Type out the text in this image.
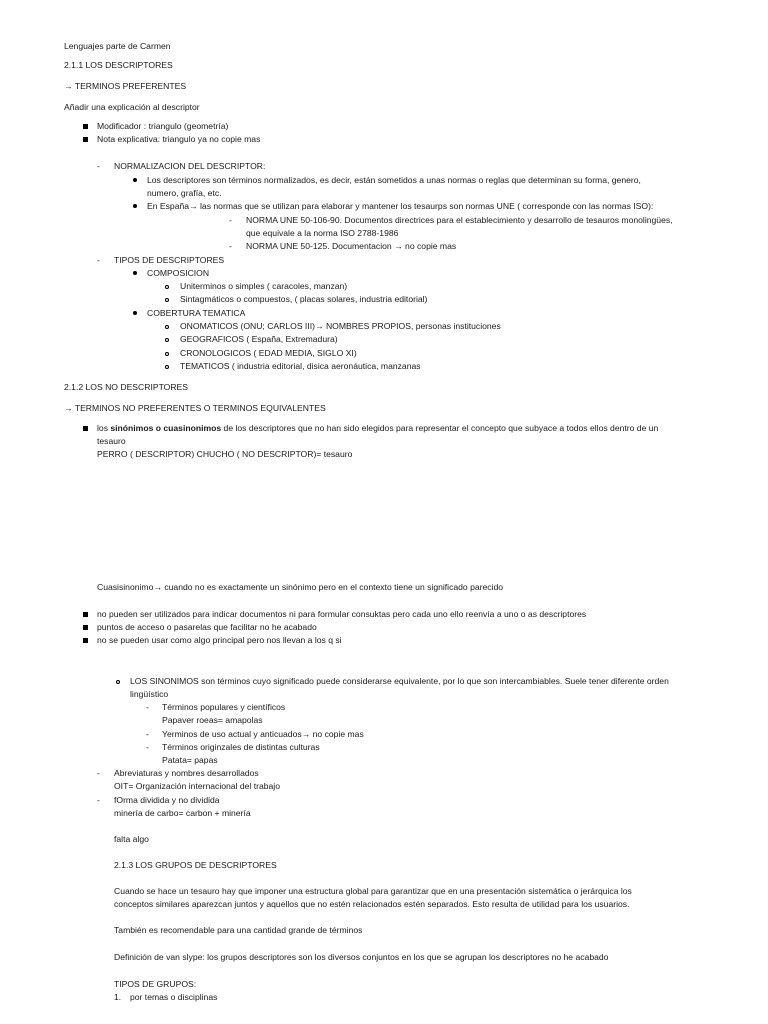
Lenguajes parte de Carmen
2.1.1 LOS DESCRIPTORES
→ TERMINOS PREFERENTES
Añadir una explicación al descriptor
Modificador : triangulo (geometría)
Nota explicativa: triangulo ya no copie mas
- NORMALIZACION DEL DESCRIPTOR:
Los descriptores son términos normalizados, es decir, están sometidos a unas normas o reglas que determinan su forma, genero,
numero, grafía, etc.
En España→ las normas que se utilizan para elaborar y mantener los tesaurps son normas UNE ( corresponde con las normas ISO):
- NORMA UNE 50-106-90. Documentos directrices para el establecimiento y desarrollo de tesauros monolingües,
que equivale a la norma ISO 2788-1986
- NORMA UNE 50-125. Documentacion → no copie mas
- TIPOS DE DESCRIPTORES
COMPOSICION
Uniterminos o simples ( caracoles, manzan)
Sintagmáticos o compuestos, ( placas solares, industria editorial)
COBERTURA TEMATICA
ONOMATICOS (ONU; CARLOS III)→ NOMBRES PROPIOS, personas instituciones
GEOGRAFICOS ( España, Extremadura)
CRONOLOGICOS ( EDAD MEDIA, SIGLO XI)
TEMATICOS ( industria editorial, disica aeronáutica, manzanas
2.1.2 LOS NO DESCRIPTORES
→ TERMINOS NO PREFERENTES O TERMINOS EQUIVALENTES
los sinónimos o cuasinonimos de los descriptores que no han sido elegidos para representar el concepto que subyace a todos ellos dentro de un
tesauro
PERRO ( DESCRIPTOR) CHUCHO ( NO DESCRIPTOR)= tesauro
Cuasisinonimo→ cuando no es exactamente un sinónimo pero en el contexto tiene un significado parecido
no pueden ser utilizados para indicar documentos ni para formular consuktas pero cada uno ello reenvía a uno o as descriptores
puntos de acceso o pasarelas que facilitar no he acabado
no se pueden usar como algo principal pero nos llevan a los q si
LOS SINONIMOS son términos cuyo significado puede considerarse equivalente, por lo que son intercambiables. Suele tener diferente orden
lingüístico
- Términos populares y científicos
Papaver roeas= amapolas
- Yerminos de uso actual y anticuados→ no copie mas
- Términos originzales de distintas culturas
Patata= papas
- Abreviaturas y nombres desarrollados
OIT= Organización internacional del trabajo
- fOrma dividida y no dividida
minería de carbo= carbon + minería
falta algo
2.1.3 LOS GRUPOS DE DESCRIPTORES
Cuando se hace un tesauro hay que imponer una estructura global para garantizar que en una presentación sistemática o jerárquica los
conceptos similares aparezcan juntos y aquellos que no estén relacionados estén separados. Esto resulta de utilidad para los usuarios.
También es recomendable para una cantidad grande de términos
Definición de van slype: los grupos descriptores son los diversos conjuntos en los que se agrupan los descriptores no he acabado
TIPOS DE GRUPOS:
1. por temas o disciplinas
